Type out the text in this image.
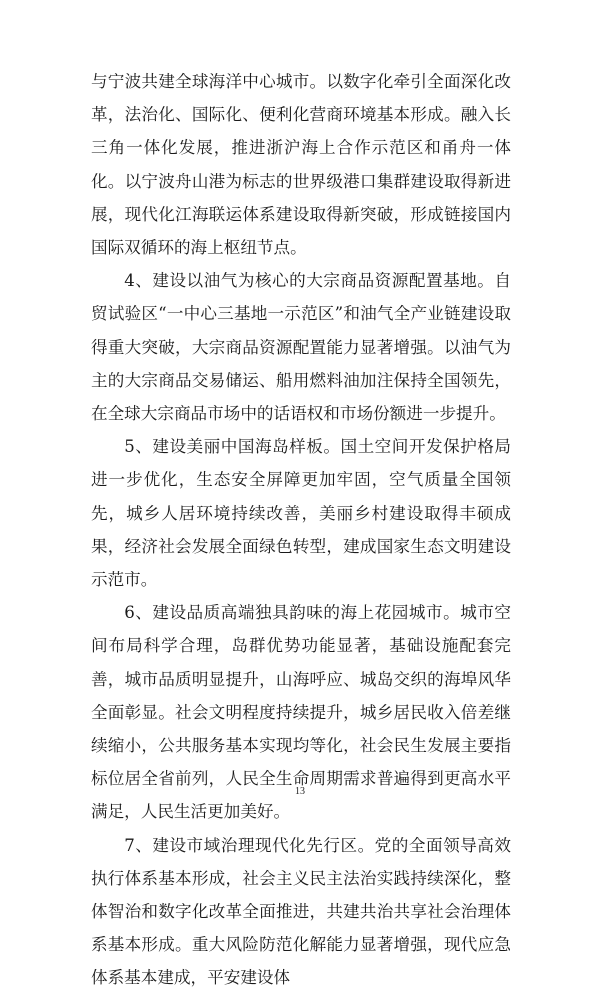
与宁波共建全球海洋中心城市。以数字化牵引全面深化改革，法治化、国际化、便利化营商环境基本形成。融入长三角一体化发展，推进浙沪海上合作示范区和甬舟一体化。以宁波舟山港为标志的世界级港口集群建设取得新进展，现代化江海联运体系建设取得新突破，形成链接国内国际双循环的海上枢纽节点。

4、建设以油气为核心的大宗商品资源配置基地。自贸试验区“一中心三基地一示范区”和油气全产业链建设取得重大突破，大宗商品资源配置能力显著增强。以油气为主的大宗商品交易储运、船用燃料油加注保持全国领先，在全球大宗商品市场中的话语权和市场份额进一步提升。

5、建设美丽中国海岛样板。国土空间开发保护格局进一步优化，生态安全屏障更加牢固，空气质量全国领先，城乡人居环境持续改善，美丽乡村建设取得丰硕成果，经济社会发展全面绿色转型，建成国家生态文明建设示范市。

6、建设品质高端独具韵味的海上花园城市。城市空间布局科学合理，岛群优势功能显著，基础设施配套完善，城市品质明显提升，山海呼应、城岛交织的海埠风华全面彰显。社会文明程度持续提升，城乡居民收入倍差继续缩小，公共服务基本实现均等化，社会民生发展主要指标位居全省前列，人民全生命周期需求普遍得到更高水平满足，人民生活更加美好。

7、建设市域治理现代化先行区。党的全面领导高效执行体系基本形成，社会主义民主法治实践持续深化，整体智治和数字化改革全面推进，共建共治共享社会治理体系基本形成。重大风险防范化解能力显著增强，现代应急体系基本建成，平安建设体

13
